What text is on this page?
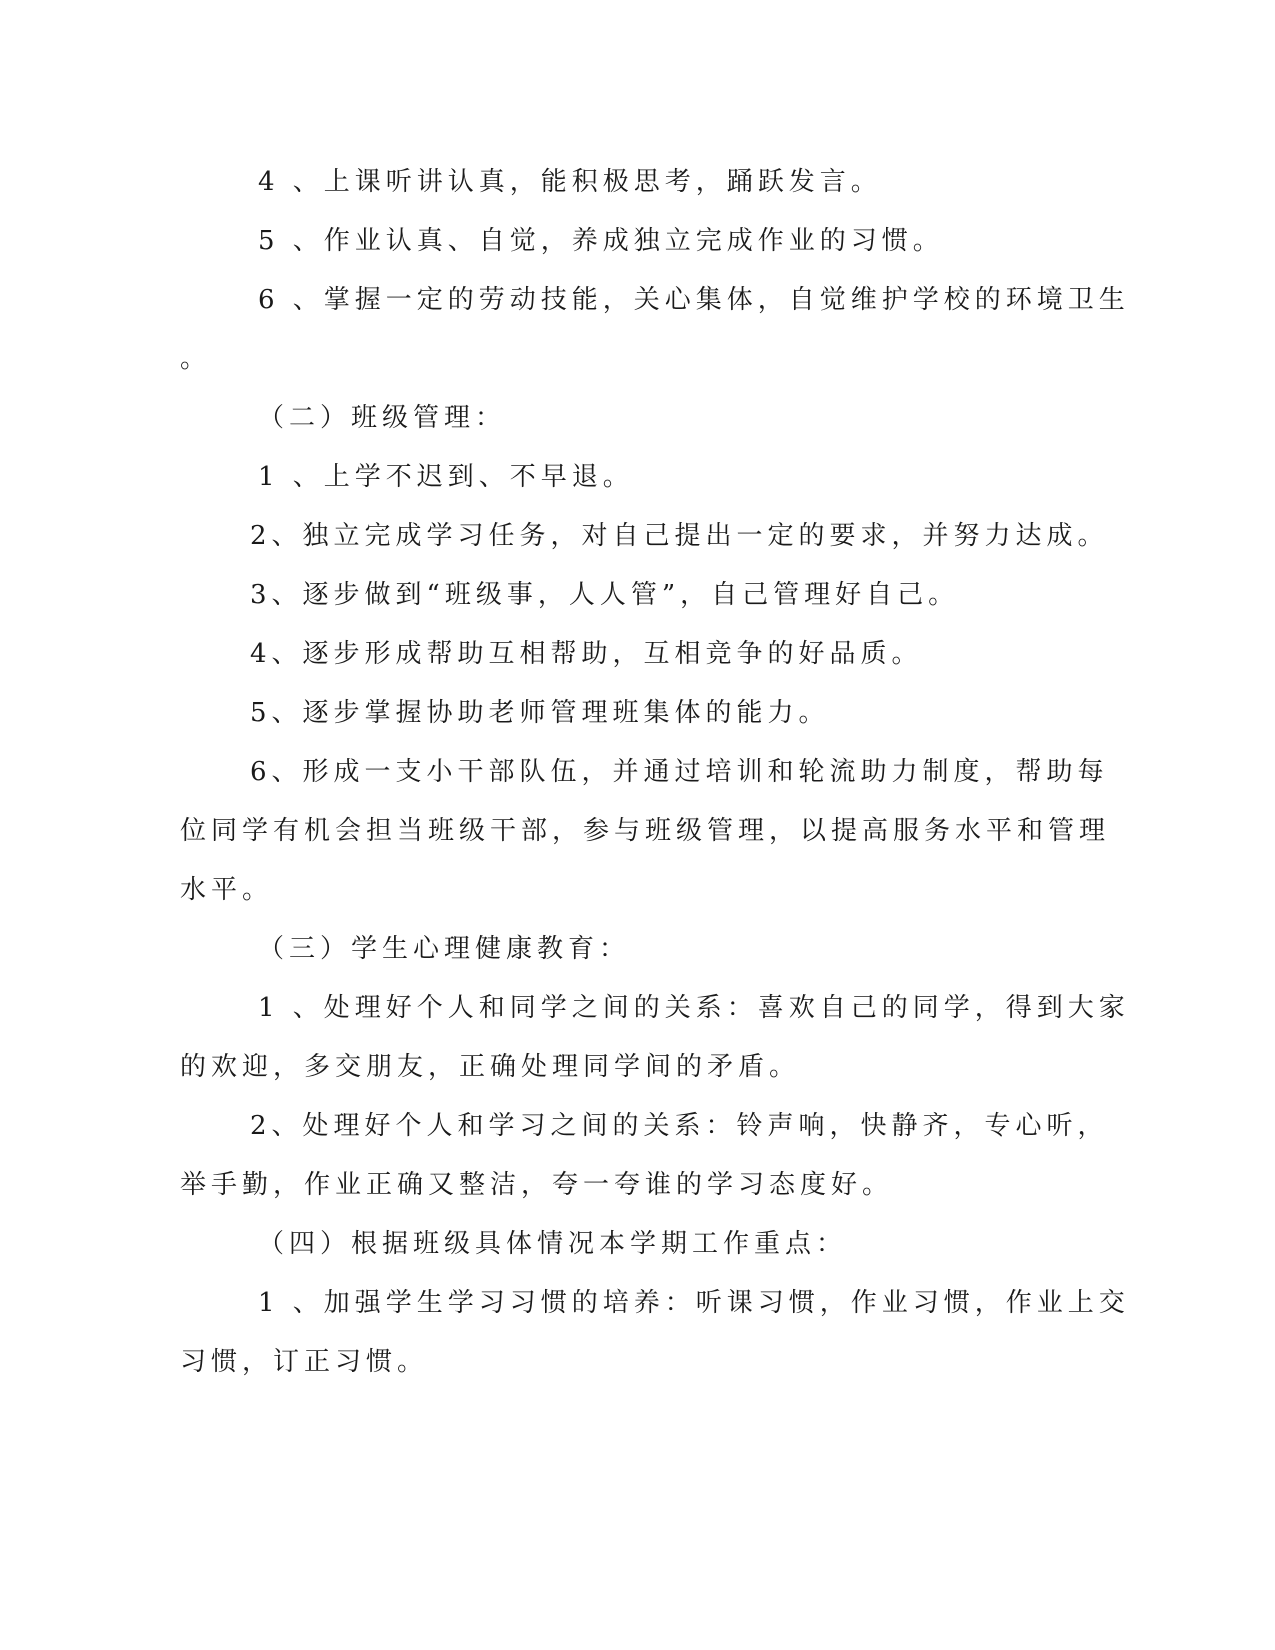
4 、上课听讲认真，能积极思考，踊跃发言。
5 、作业认真、自觉，养成独立完成作业的习惯。
6 、掌握一定的劳动技能，关心集体，自觉维护学校的环境卫生
。
（二）班级管理：
1 、上学不迟到、不早退。
2、独立完成学习任务，对自己提出一定的要求，并努力达成。
3、逐步做到“班级事，人人管”，自己管理好自己。
4、逐步形成帮助互相帮助，互相竞争的好品质。
5、逐步掌握协助老师管理班集体的能力。
6、形成一支小干部队伍，并通过培训和轮流助力制度，帮助每
位同学有机会担当班级干部，参与班级管理，以提高服务水平和管理
水平。
（三）学生心理健康教育：
1 、处理好个人和同学之间的关系：喜欢自己的同学，得到大家
的欢迎，多交朋友，正确处理同学间的矛盾。
2、处理好个人和学习之间的关系：铃声响，快静齐，专心听，
举手勤，作业正确又整洁，夸一夸谁的学习态度好。
（四）根据班级具体情况本学期工作重点：
1 、加强学生学习习惯的培养：听课习惯，作业习惯，作业上交
习惯，订正习惯。
